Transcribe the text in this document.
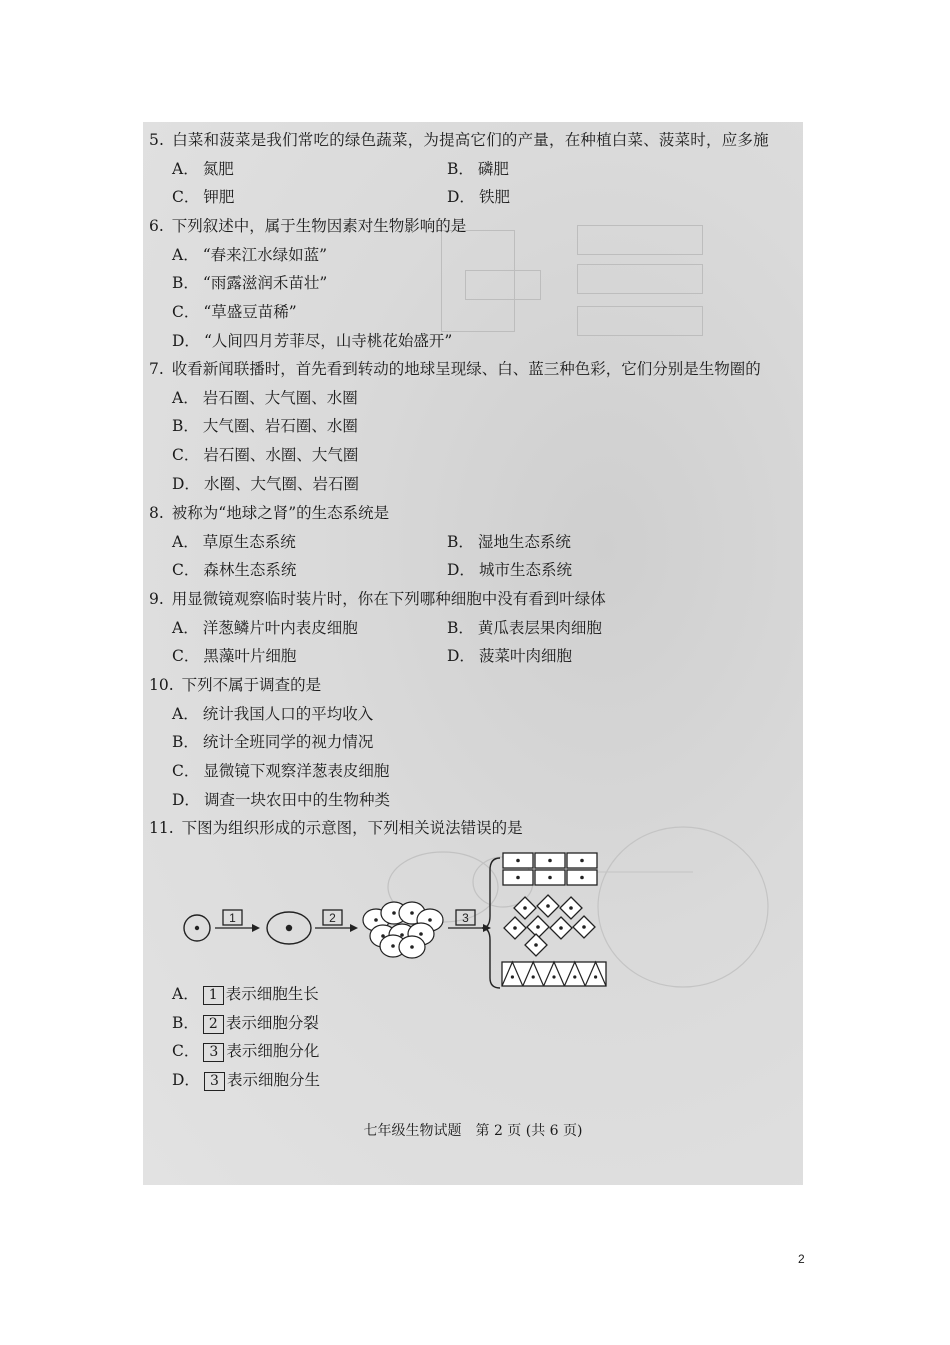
5. 白菜和菠菜是我们常吃的绿色蔬菜，为提高它们的产量，在种植白菜、菠菜时，应多施
A． 氮肥	B． 磷肥
C． 钾肥	D． 铁肥
6. 下列叙述中，属于生物因素对生物影响的是
A． “春来江水绿如蓝”
B． “雨露滋润禾苗壮”
C． “草盛豆苗稀”
D． “人间四月芳菲尽，山寺桃花始盛开”
7. 收看新闻联播时，首先看到转动的地球呈现绿、白、蓝三种色彩，它们分别是生物圈的
A． 岩石圈、大气圈、水圈
B． 大气圈、岩石圈、水圈
C． 岩石圈、水圈、大气圈
D． 水圈、大气圈、岩石圈
8. 被称为“地球之肾”的生态系统是
A． 草原生态系统	B． 湿地生态系统
C． 森林生态系统	D． 城市生态系统
9. 用显微镜观察临时装片时，你在下列哪种细胞中没有看到叶绿体
A． 洋葱鳞片叶内表皮细胞	B． 黄瓜表层果肉细胞
C． 黑藻叶片细胞	D． 菠菜叶肉细胞
10. 下列不属于调查的是
A． 统计我国人口的平均收入
B． 统计全班同学的视力情况
C． 显微镜下观察洋葱表皮细胞
D． 调查一块农田中的生物种类
11. 下图为组织形成的示意图，下列相关说法错误的是
A． 1 表示细胞生长
B． 2 表示细胞分裂
C． 3 表示细胞分化
D． 3 表示细胞分生
1	2	3
七年级生物试题　第 2 页 (共 6 页)
2
